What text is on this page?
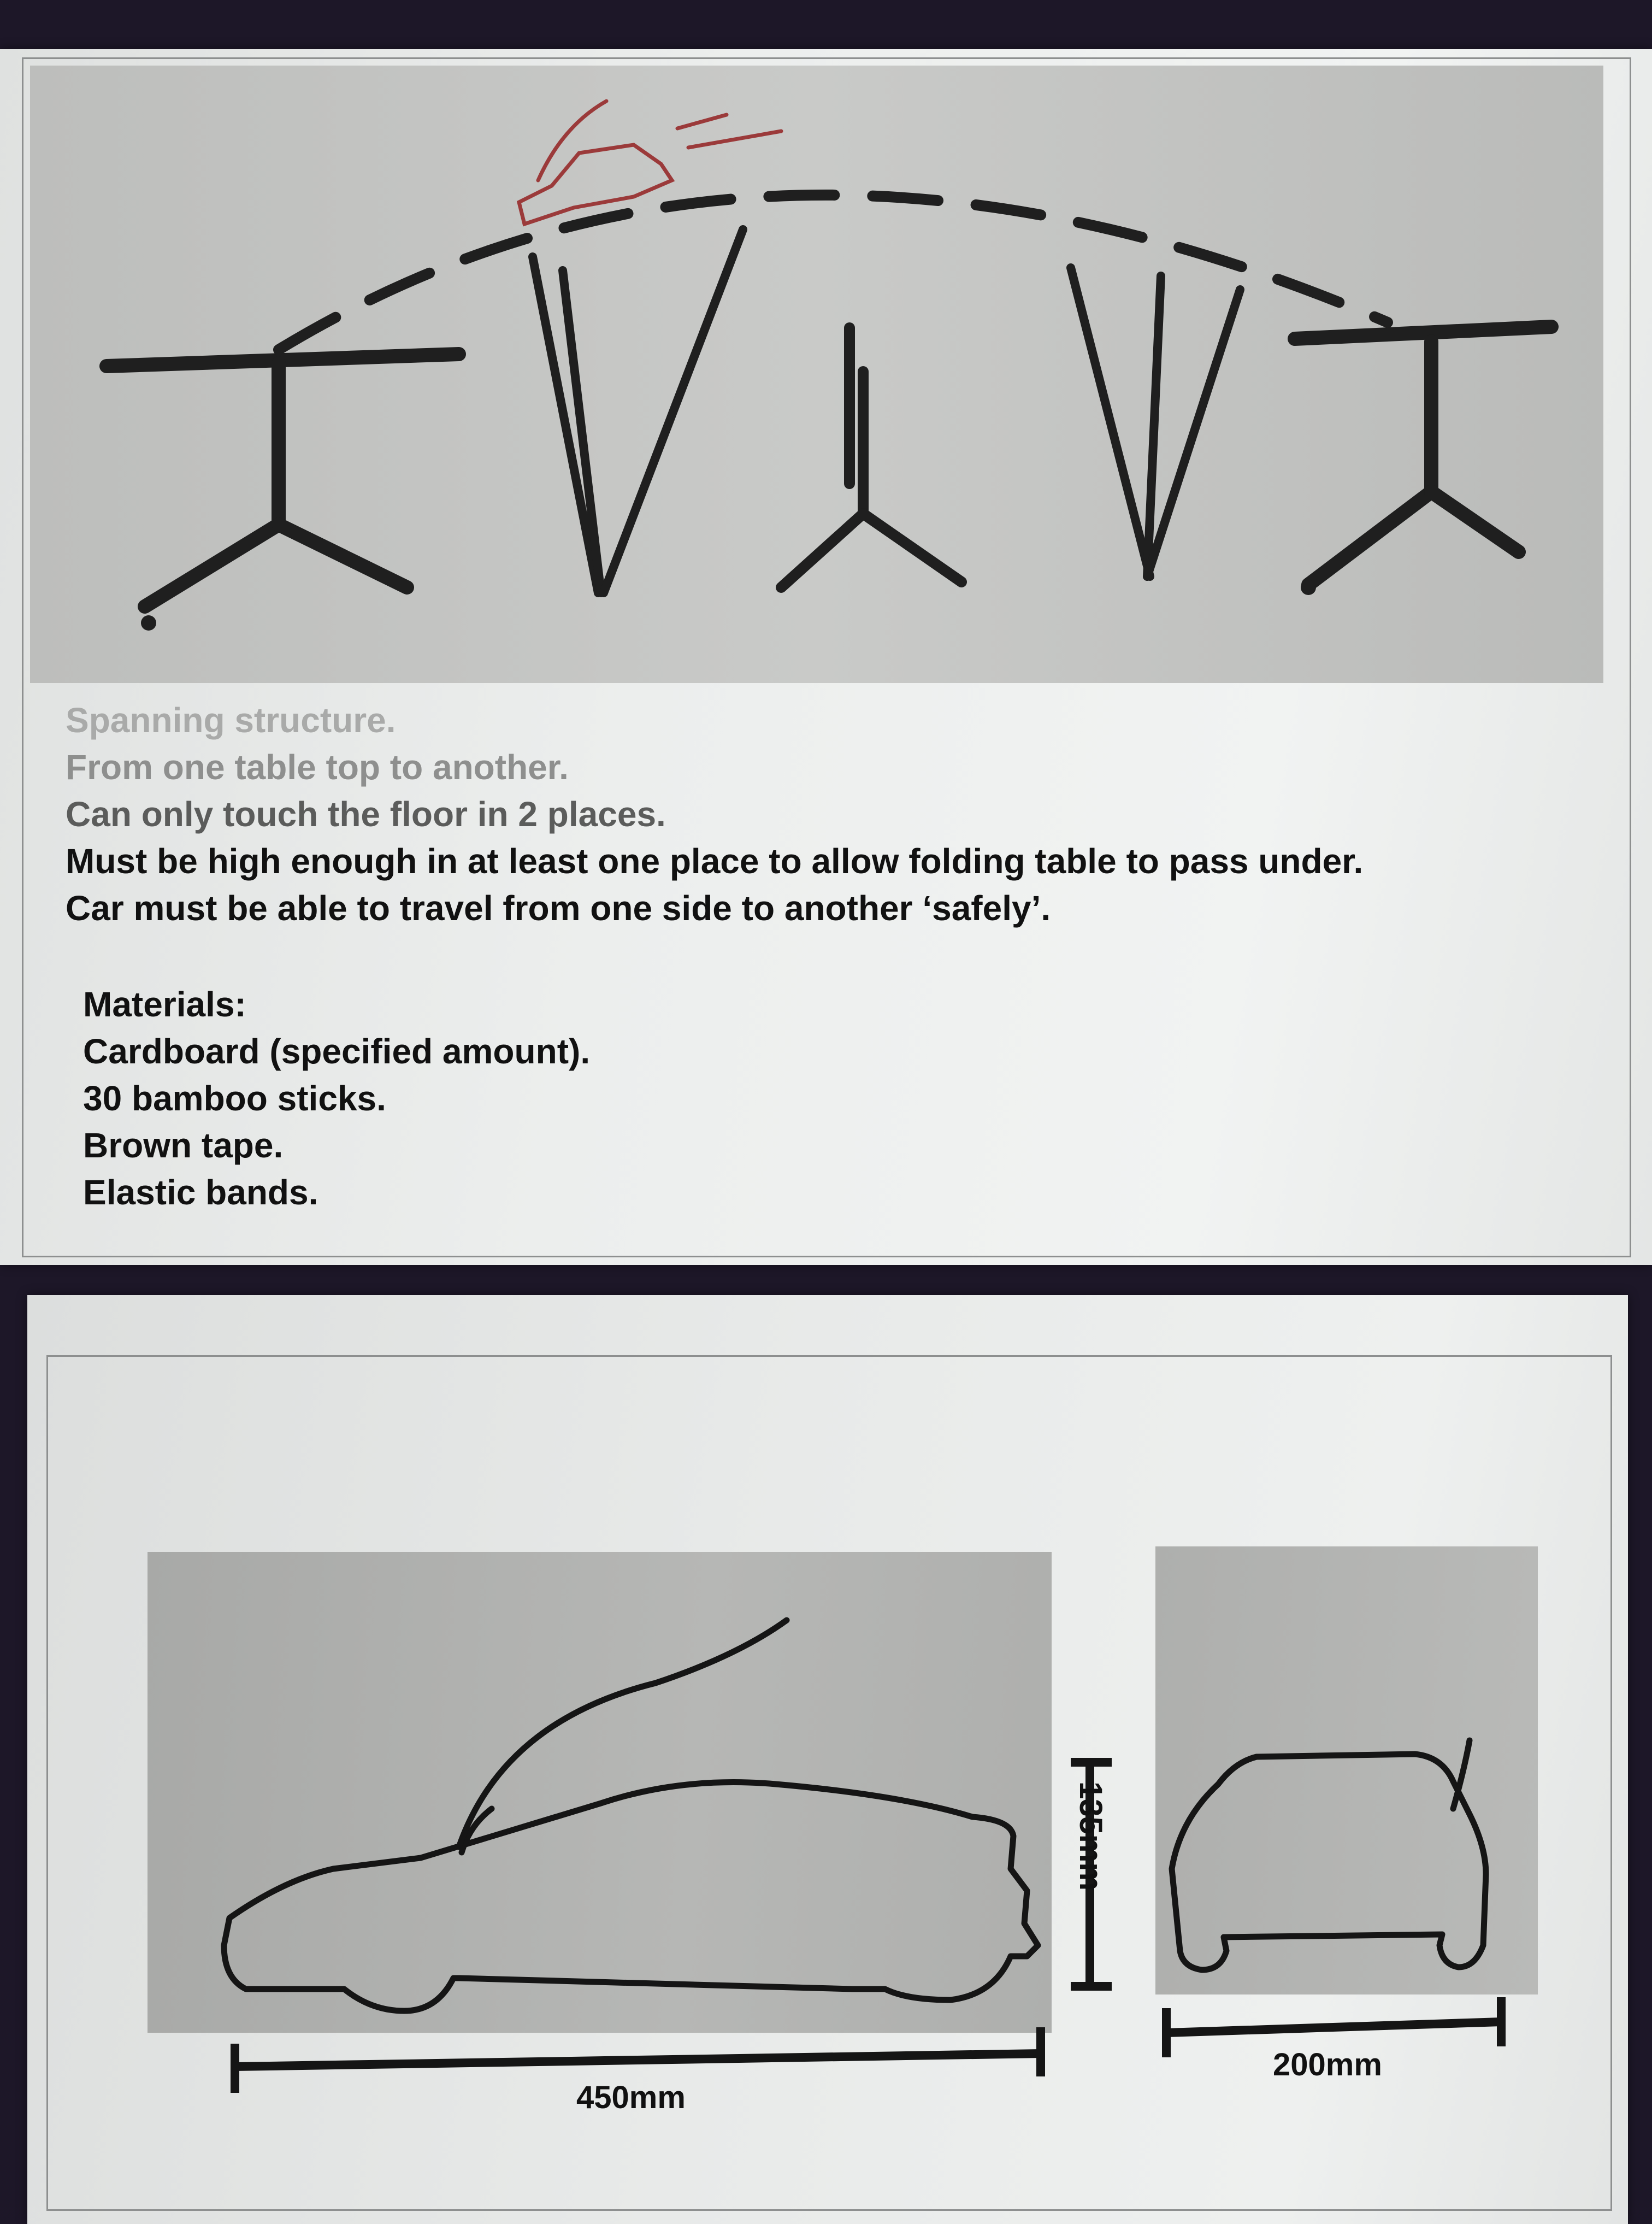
Spanning structure.
From one table top to another.
Can only touch the floor in 2 places.
Must be high enough in at least one place to allow folding table to pass under.
Car must be able to travel from one side to another ‘safely’.
Materials:
Cardboard (specified amount).
30 bamboo sticks.
Brown tape.
Elastic bands.
450mm
135mm
200mm
